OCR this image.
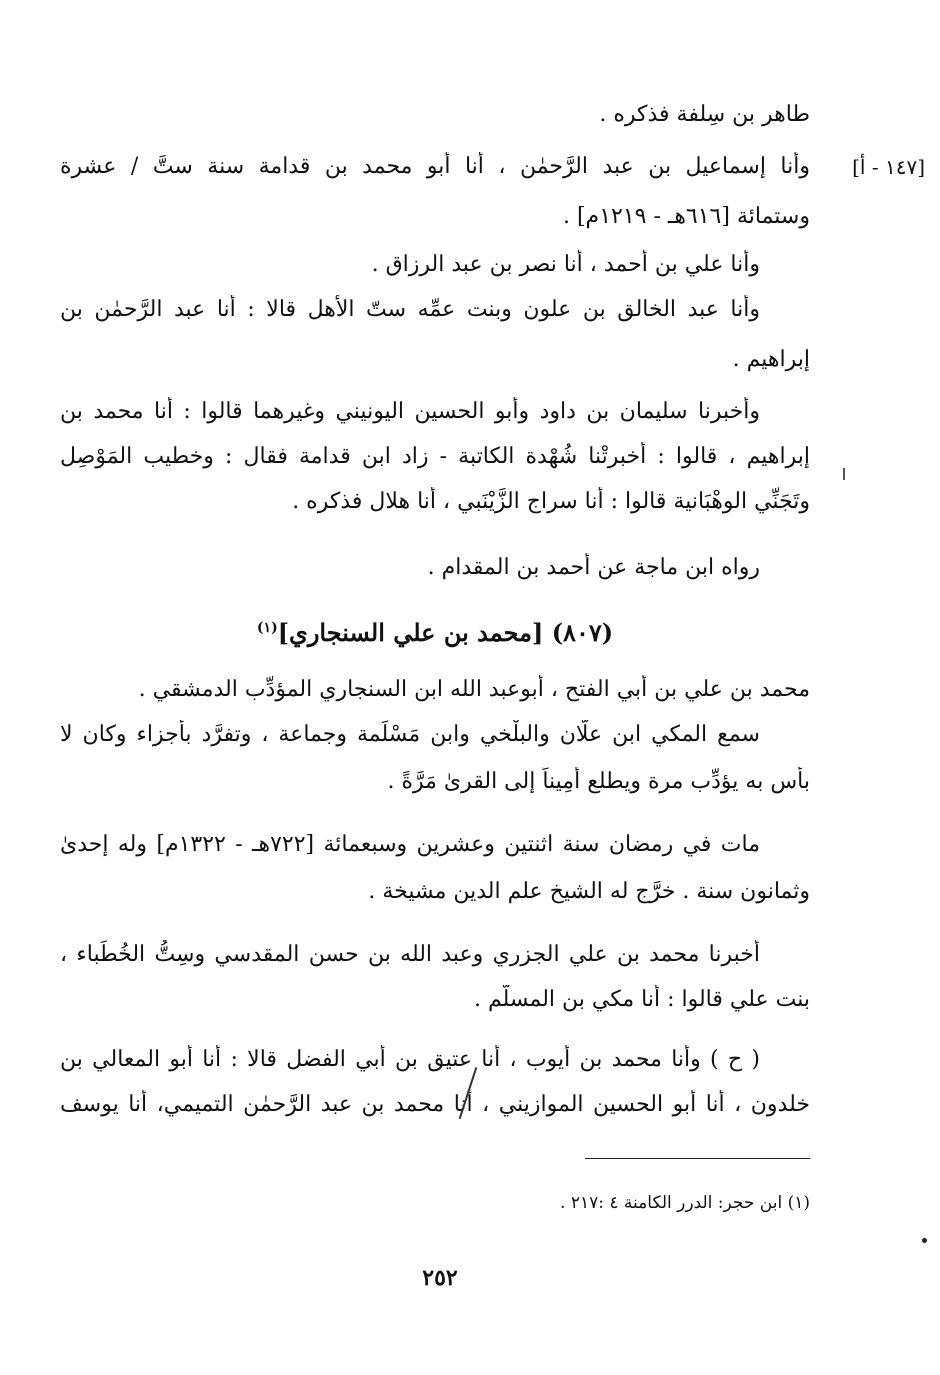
[١٤٧ - أ]
طاهر بن سِلفة فذكره .
وأنا إسماعيل بن عبد الرَّحمٰن ، أنا أبو محمد بن قدامة سنة ستَّ / عشرة
وستمائة [٦١٦هـ - ١٢١٩م] .
وأنا علي بن أحمد ، أنا نصر بن عبد الرزاق .
وأنا عبد الخالق بن علون وبنت عمِّه ستّ الأهل قالا : أنا عبد الرَّحمٰن بن
إبراهيم .
وأخبرنا سليمان بن داود وأبو الحسين اليونيني وغيرهما قالوا : أنا محمد بن
إبراهيم ، قالوا : أخبرتْنا شُهْدة الكاتبة - زاد ابن قدامة فقال : وخطيب المَوْصِل
وتَجَنِّي الوهْبَانية قالوا : أنا سراج الزَّيْنَبي ، أنا هلال فذكره .
رواه ابن ماجة عن أحمد بن المقدام .
(٨٠٧) [محمد بن علي السنجاري]$^{(١)}$
محمد بن علي بن أبي الفتح ، أبوعبد الله ابن السنجاري المؤدِّب الدمشقي .
سمع المكي ابن علّان والبلْخي وابن مَسْلَمة وجماعة ، وتفرَّد بأجزاء وكان لا
بأس به يؤدِّب مرة ويطلع أمِيناً إلى القرىٰ مَرَّةً .
مات في رمضان سنة اثنتين وعشرين وسبعمائة [٧٢٢هـ - ١٣٢٢م] وله إحدىٰ
وثمانون سنة . خرَّج له الشيخ علم الدين مشيخة .
أخبرنا محمد بن علي الجزري وعبد الله بن حسن المقدسي وسِتُّ الخُطَباء ،
بنت علي قالوا : أنا مكي بن المسلَّم .
( ح ) وأنا محمد بن أيوب ، أنا عتيق بن أبي الفضل قالا : أنا أبو المعالي بن
خلدون ، أنا أبو الحسين الموازيني ، أنا محمد بن عبد الرَّحمٰن التميمي، أنا يوسف
(١) ابن حجر: الدرر الكامنة ٤ :٢١٧ .
٢٥٢
